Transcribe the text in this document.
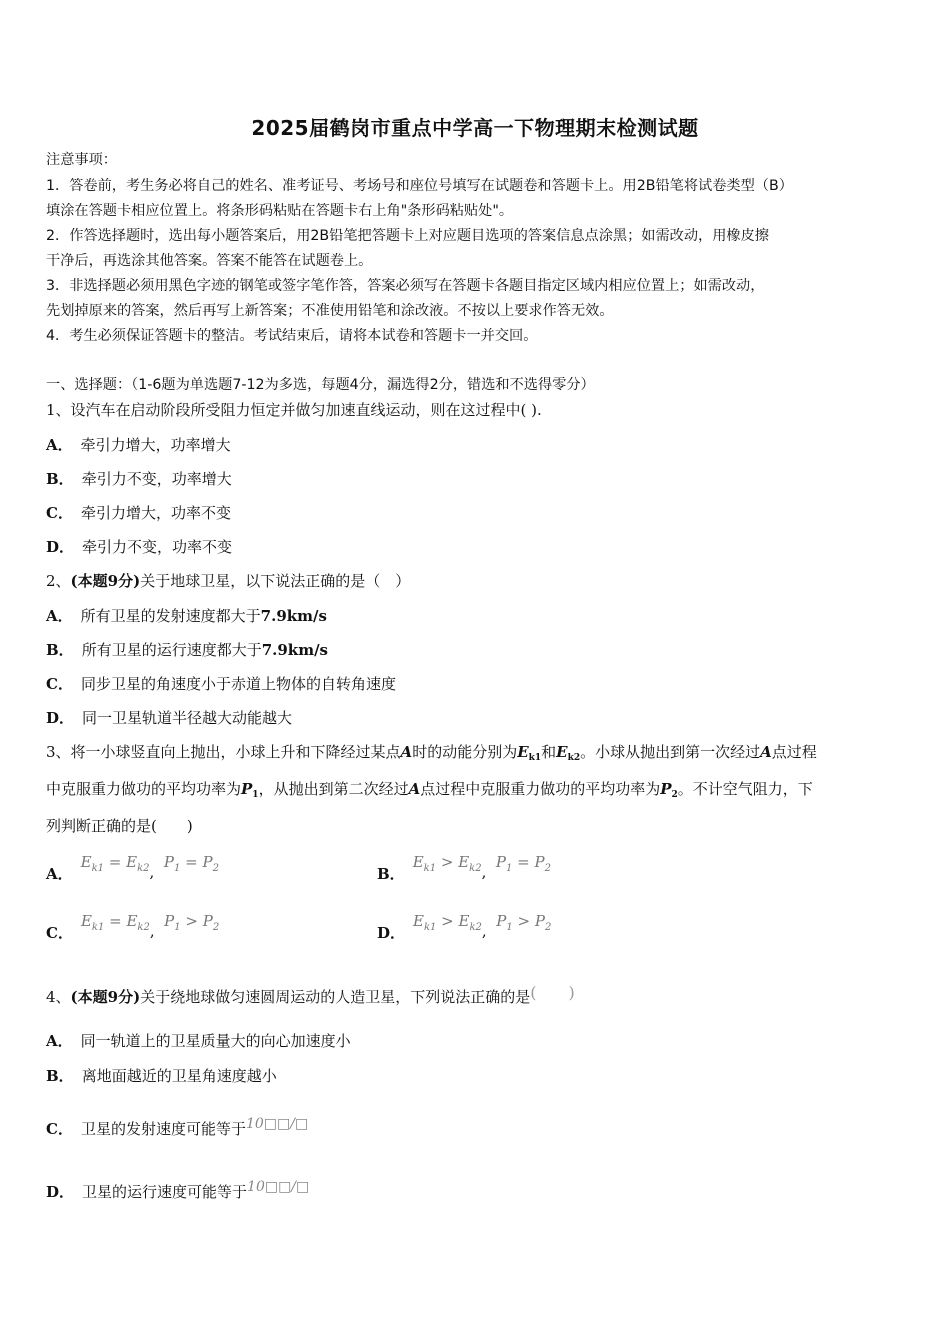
2025届鹤岗市重点中学高一下物理期末检测试题
注意事项：
1．答卷前，考生务必将自己的姓名、准考证号、考场号和座位号填写在试题卷和答题卡上。用2B铅笔将试卷类型（B）
填涂在答题卡相应位置上。将条形码粘贴在答题卡右上角"条形码粘贴处"。
2．作答选择题时，选出每小题答案后，用2B铅笔把答题卡上对应题目选项的答案信息点涂黑；如需改动，用橡皮擦
干净后，再选涂其他答案。答案不能答在试题卷上。
3．非选择题必须用黑色字迹的钢笔或签字笔作答，答案必须写在答题卡各题目指定区域内相应位置上；如需改动，
先划掉原来的答案，然后再写上新答案；不准使用铅笔和涂改液。不按以上要求作答无效。
4．考生必须保证答题卡的整洁。考试结束后，请将本试卷和答题卡一并交回。
一、选择题：（1-6题为单选题7-12为多选，每题4分，漏选得2分，错选和不选得零分）
1、设汽车在启动阶段所受阻力恒定并做匀加速直线运动，则在这过程中( ).
A． 牵引力增大，功率增大
B． 牵引力不变，功率增大
C． 牵引力增大，功率不变
D． 牵引力不变，功率不变
2、(本题9分)关于地球卫星，以下说法正确的是（　）
A． 所有卫星的发射速度都大于7.9km/s
B． 所有卫星的运行速度都大于7.9km/s
C． 同步卫星的角速度小于赤道上物体的自转角速度
D． 同一卫星轨道半径越大动能越大
3、将一小球竖直向上抛出，小球上升和下降经过某点A时的动能分别为$E_{k1}$和$E_{k2}$。小球从抛出到第一次经过A点过程
中克服重力做功的平均功率为$P_1$，从抛出到第二次经过A点过程中克服重力做功的平均功率为$P_2$。不计空气阻力，下
列判断正确的是(　　)
A．$E_{k1} = E_{k2}$,  $P_1 = P_2$	B．$E_{k1} > E_{k2}$,  $P_1 = P_2$
C．$E_{k1} = E_{k2}$,  $P_1 > P_2$	D．$E_{k1} > E_{k2}$,  $P_1 > P_2$
4、(本题9分)关于绕地球做匀速圆周运动的人造卫星，下列说法正确的是(　　)
A． 同一轨道上的卫星质量大的向心加速度小
B． 离地面越近的卫星角速度越小
C． 卫星的发射速度可能等于10□□/□
D． 卫星的运行速度可能等于10□□/□
